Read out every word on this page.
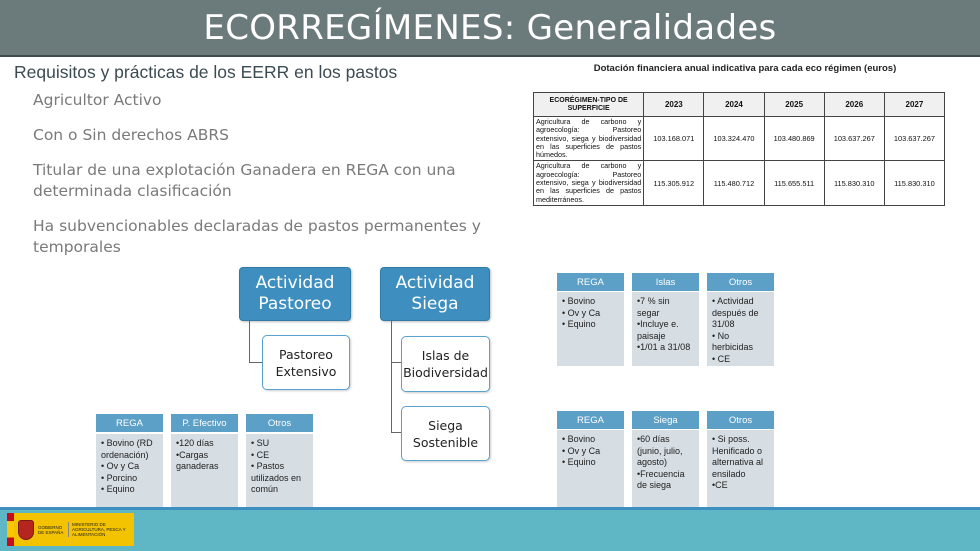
ECORREGÍMENES: Generalidades
Requisitos y prácticas de los EERR en los pastos
Agricultor Activo
Con o Sin derechos ABRS
Titular de una explotación Ganadera en REGA con una determinada clasificación
Ha subvencionables declaradas de pastos permanentes y temporales
Dotación financiera anual indicativa para cada eco régimen (euros)
ECORÉGIMEN-TIPO DE SUPERFICIE	2023	2024	2025	2026	2027
Agricultura de carbono y agroecología: Pastoreo extensivo, siega y biodiversidad en las superficies de pastos húmedos.	103.168.071	103.324.470	103.480.869	103.637.267	103.637.267
Agricultura de carbono y agroecología: Pastoreo extensivo, siega y biodiversidad en las superficies de pastos mediterráneos.	115.305.912	115.480.712	115.655.511	115.830.310	115.830.310
Actividad Pastoreo
Pastoreo Extensivo
Actividad Siega
Islas de Biodiversidad
Siega Sostenible
REGA
• Bovino (RD ordenación)
• Ov y Ca
• Porcino
• Equino
P. Efectivo
•120 días
•Cargas ganaderas
Otros
• SU
• CE
• Pastos utilizados en común
REGA
• Bovino
• Ov y Ca
• Equino
Islas
•7 % sin segar
•Incluye e. paisaje
•1/01 a 31/08
Otros
• Actividad después de 31/08
• No herbicidas
• CE
REGA
• Bovino
• Ov y Ca
• Equino
Siega
•60 días (junio, julio, agosto)
•Frecuencia de siega
Otros
• Si poss. Henificado o alternativa al ensilado
•CE
GOBIERNO DE ESPAÑA
MINISTERIO DE AGRICULTURA, PESCA Y ALIMENTACIÓN
